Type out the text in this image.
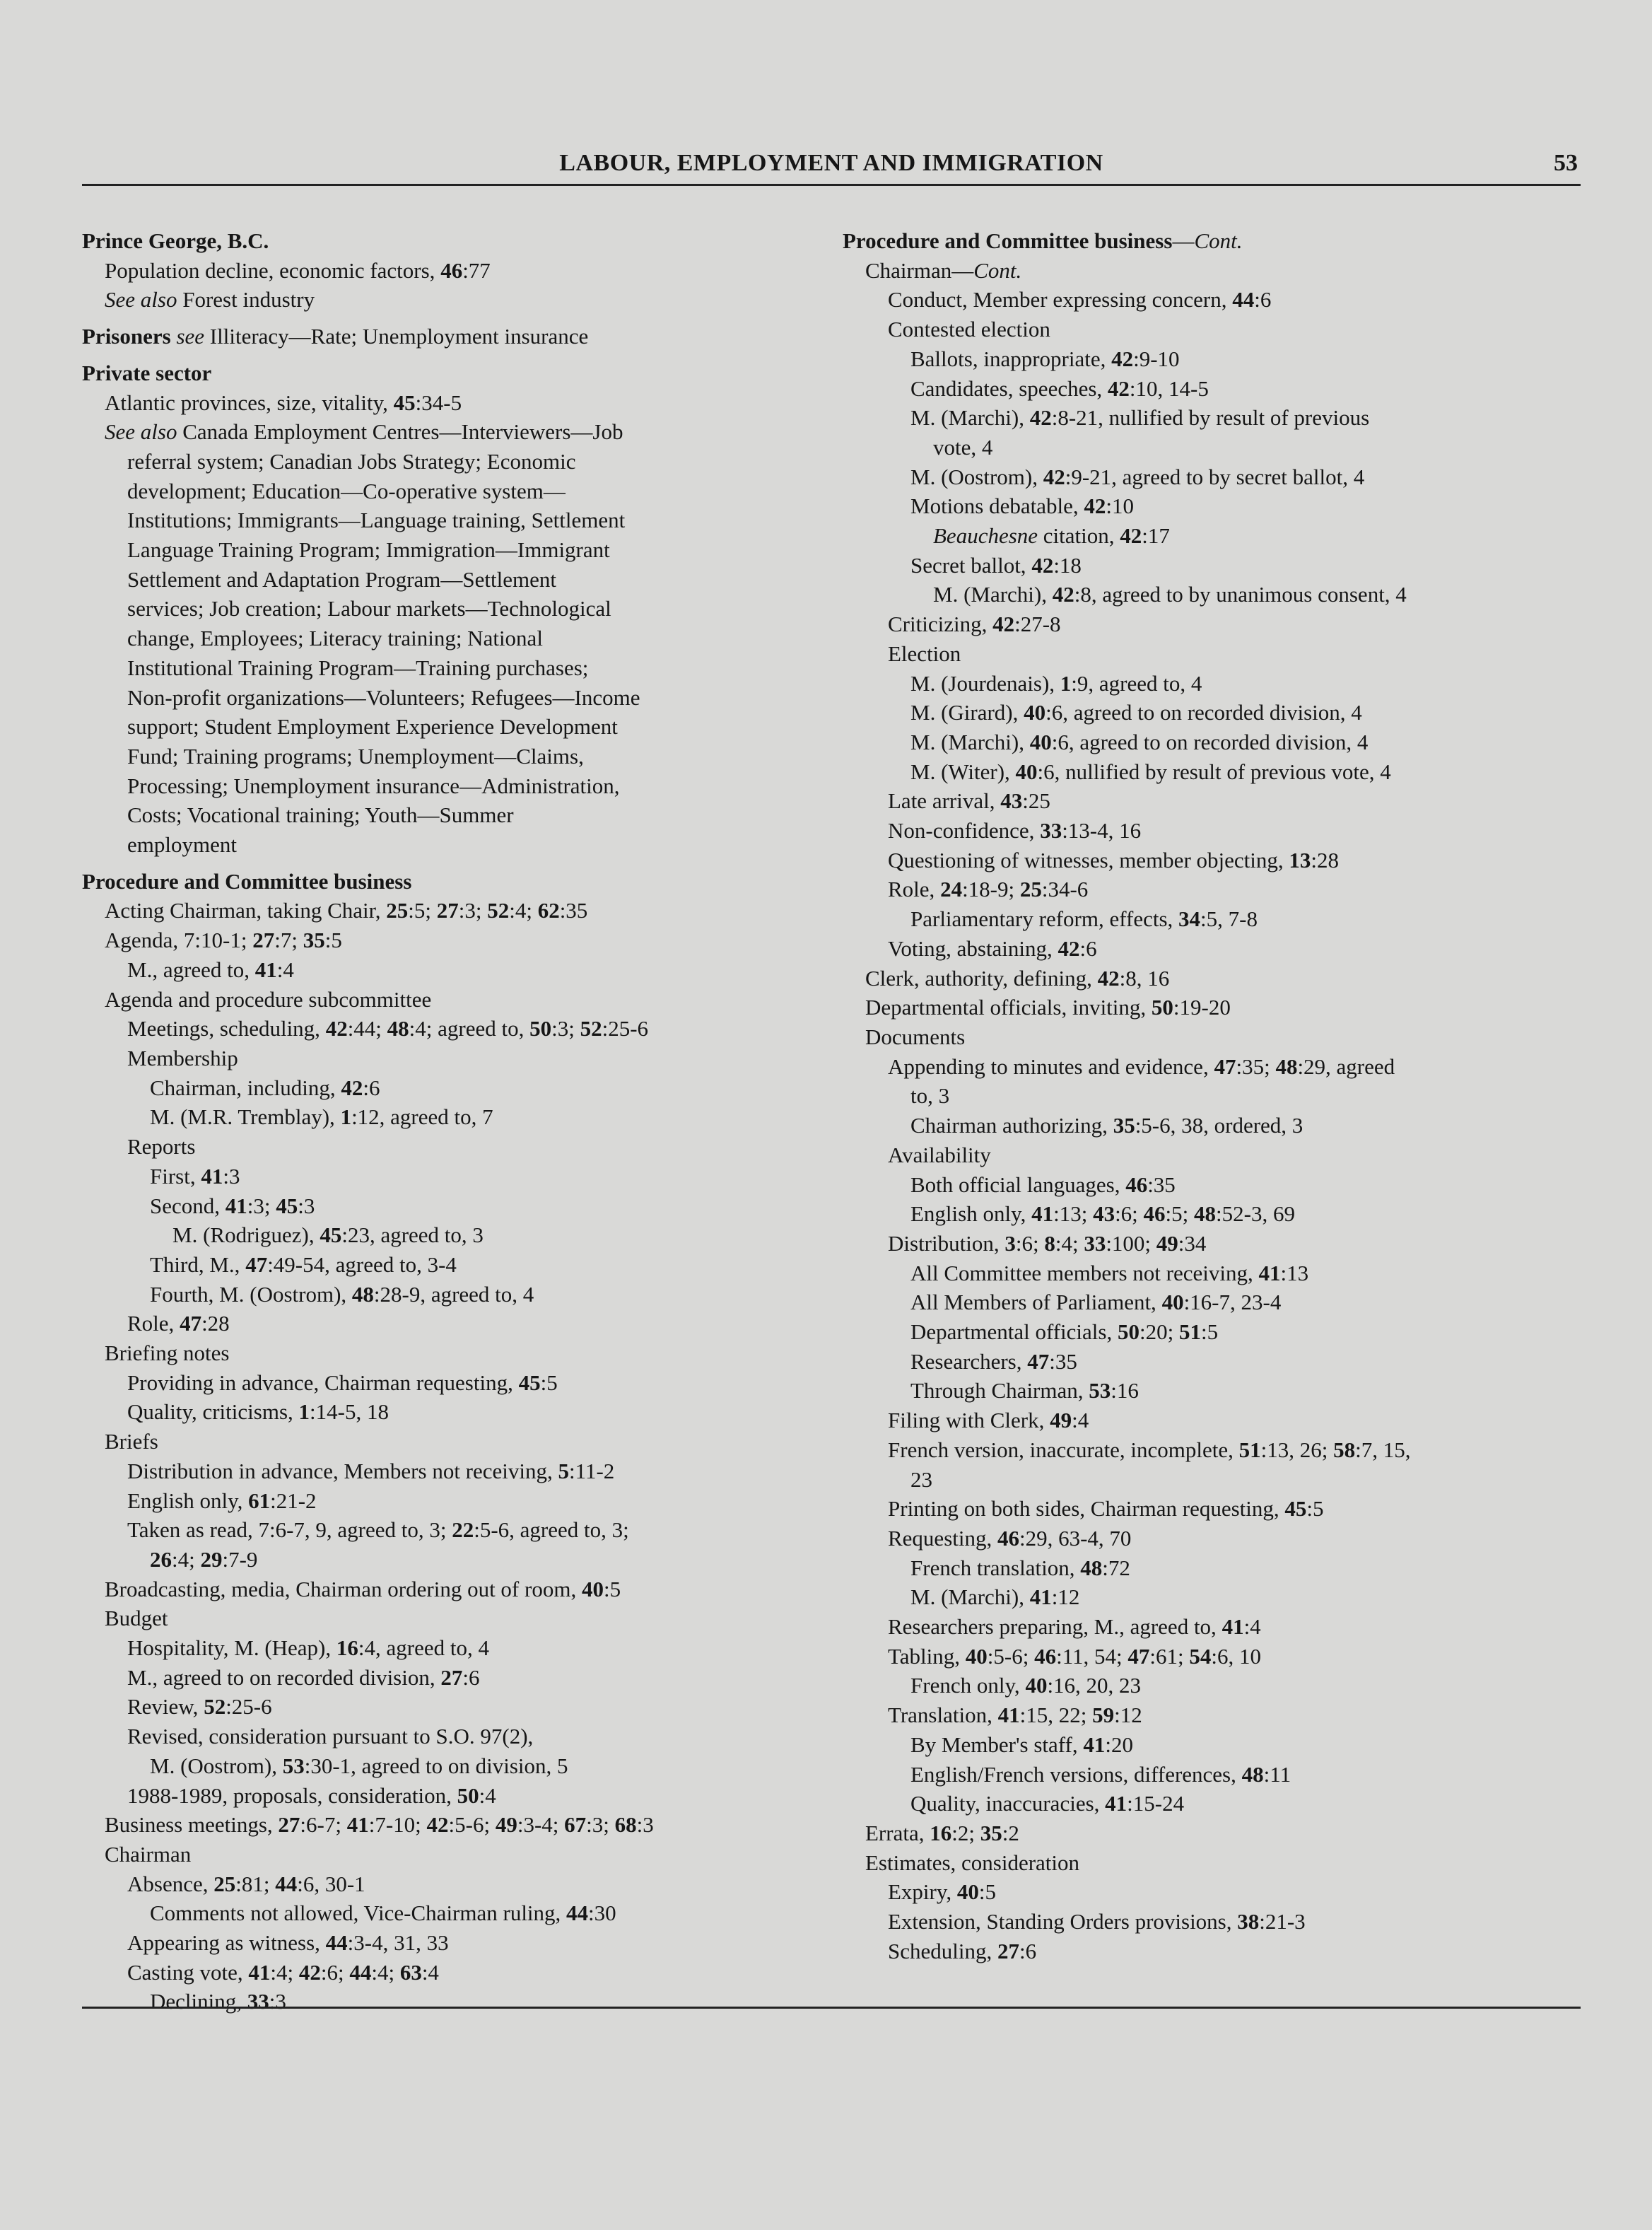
LABOUR, EMPLOYMENT AND IMMIGRATION	53
Prince George, B.C.
Population decline, economic factors, 46:77
See also Forest industry
Prisoners see Illiteracy—Rate; Unemployment insurance
Private sector
Atlantic provinces, size, vitality, 45:34-5
See also Canada Employment Centres—Interviewers—Job
referral system; Canadian Jobs Strategy; Economic
development; Education—Co-operative system—
Institutions; Immigrants—Language training, Settlement
Language Training Program; Immigration—Immigrant
Settlement and Adaptation Program—Settlement
services; Job creation; Labour markets—Technological
change, Employees; Literacy training; National
Institutional Training Program—Training purchases;
Non-profit organizations—Volunteers; Refugees—Income
support; Student Employment Experience Development
Fund; Training programs; Unemployment—Claims,
Processing; Unemployment insurance—Administration,
Costs; Vocational training; Youth—Summer
employment
Procedure and Committee business
Acting Chairman, taking Chair, 25:5; 27:3; 52:4; 62:35
Agenda, 7:10-1; 27:7; 35:5
M., agreed to, 41:4
Agenda and procedure subcommittee
Meetings, scheduling, 42:44; 48:4; agreed to, 50:3; 52:25-6
Membership
Chairman, including, 42:6
M. (M.R. Tremblay), 1:12, agreed to, 7
Reports
First, 41:3
Second, 41:3; 45:3
M. (Rodriguez), 45:23, agreed to, 3
Third, M., 47:49-54, agreed to, 3-4
Fourth, M. (Oostrom), 48:28-9, agreed to, 4
Role, 47:28
Briefing notes
Providing in advance, Chairman requesting, 45:5
Quality, criticisms, 1:14-5, 18
Briefs
Distribution in advance, Members not receiving, 5:11-2
English only, 61:21-2
Taken as read, 7:6-7, 9, agreed to, 3; 22:5-6, agreed to, 3;
26:4; 29:7-9
Broadcasting, media, Chairman ordering out of room, 40:5
Budget
Hospitality, M. (Heap), 16:4, agreed to, 4
M., agreed to on recorded division, 27:6
Review, 52:25-6
Revised, consideration pursuant to S.O. 97(2),
M. (Oostrom), 53:30-1, agreed to on division, 5
1988-1989, proposals, consideration, 50:4
Business meetings, 27:6-7; 41:7-10; 42:5-6; 49:3-4; 67:3; 68:3
Chairman
Absence, 25:81; 44:6, 30-1
Comments not allowed, Vice-Chairman ruling, 44:30
Appearing as witness, 44:3-4, 31, 33
Casting vote, 41:4; 42:6; 44:4; 63:4
Declining, 33:3
Procedure and Committee business—Cont.
Chairman—Cont.
Conduct, Member expressing concern, 44:6
Contested election
Ballots, inappropriate, 42:9-10
Candidates, speeches, 42:10, 14-5
M. (Marchi), 42:8-21, nullified by result of previous
vote, 4
M. (Oostrom), 42:9-21, agreed to by secret ballot, 4
Motions debatable, 42:10
Beauchesne citation, 42:17
Secret ballot, 42:18
M. (Marchi), 42:8, agreed to by unanimous consent, 4
Criticizing, 42:27-8
Election
M. (Jourdenais), 1:9, agreed to, 4
M. (Girard), 40:6, agreed to on recorded division, 4
M. (Marchi), 40:6, agreed to on recorded division, 4
M. (Witer), 40:6, nullified by result of previous vote, 4
Late arrival, 43:25
Non-confidence, 33:13-4, 16
Questioning of witnesses, member objecting, 13:28
Role, 24:18-9; 25:34-6
Parliamentary reform, effects, 34:5, 7-8
Voting, abstaining, 42:6
Clerk, authority, defining, 42:8, 16
Departmental officials, inviting, 50:19-20
Documents
Appending to minutes and evidence, 47:35; 48:29, agreed
to, 3
Chairman authorizing, 35:5-6, 38, ordered, 3
Availability
Both official languages, 46:35
English only, 41:13; 43:6; 46:5; 48:52-3, 69
Distribution, 3:6; 8:4; 33:100; 49:34
All Committee members not receiving, 41:13
All Members of Parliament, 40:16-7, 23-4
Departmental officials, 50:20; 51:5
Researchers, 47:35
Through Chairman, 53:16
Filing with Clerk, 49:4
French version, inaccurate, incomplete, 51:13, 26; 58:7, 15,
23
Printing on both sides, Chairman requesting, 45:5
Requesting, 46:29, 63-4, 70
French translation, 48:72
M. (Marchi), 41:12
Researchers preparing, M., agreed to, 41:4
Tabling, 40:5-6; 46:11, 54; 47:61; 54:6, 10
French only, 40:16, 20, 23
Translation, 41:15, 22; 59:12
By Member's staff, 41:20
English/French versions, differences, 48:11
Quality, inaccuracies, 41:15-24
Errata, 16:2; 35:2
Estimates, consideration
Expiry, 40:5
Extension, Standing Orders provisions, 38:21-3
Scheduling, 27:6
